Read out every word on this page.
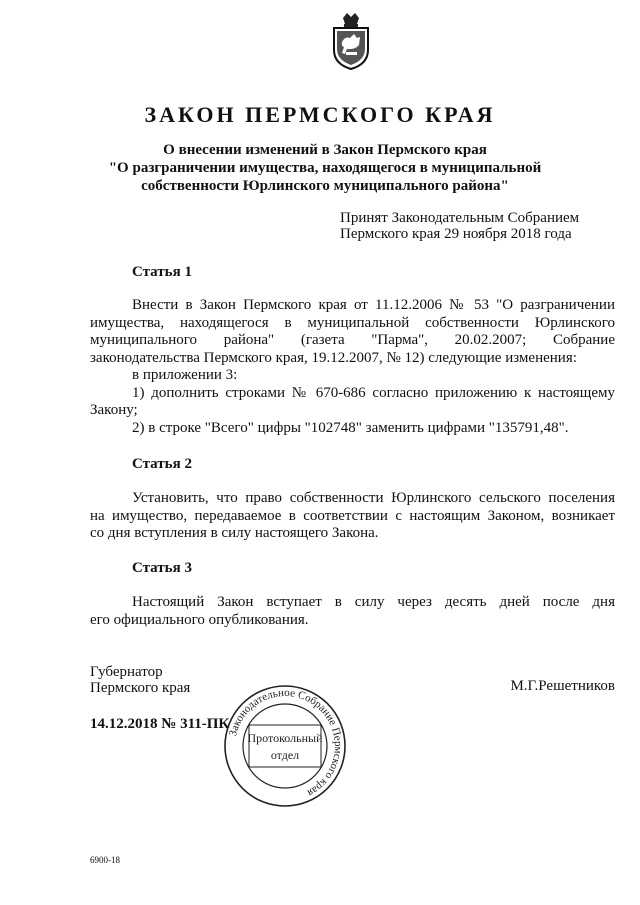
ЗАКОН ПЕРМСКОГО КРАЯ
О внесении изменений в Закон Пермского края
"О разграничении имущества, находящегося в муниципальной
собственности Юрлинского муниципального района"
Принят Законодательным Собранием
Пермского края 29 ноября 2018 года
Статья 1
Внести в Закон Пермского края от 11.12.2006 № 53 "О разграничении
имущества, находящегося в муниципальной собственности Юрлинского
муниципального района" (газета "Парма", 20.02.2007; Собрание
законодательства Пермского края, 19.12.2007, № 12) следующие изменения:
в приложении 3:
1) дополнить строками № 670-686 согласно приложению к настоящему
Закону;
2) в строке "Всего" цифры "102748" заменить цифрами "135791,48".
Статья 2
Установить, что право собственности Юрлинского сельского поселения
на имущество, передаваемое в соответствии с настоящим Законом, возникает
со дня вступления в силу настоящего Закона.
Статья 3
Настоящий Закон вступает в силу через десять дней после дня
его официального опубликования.
Губернатор
Пермского края	М.Г.Решетников
14.12.2018 № 311-ПК
Законодательное Собрание Пермского края
Протокольный
отдел
6900-18
